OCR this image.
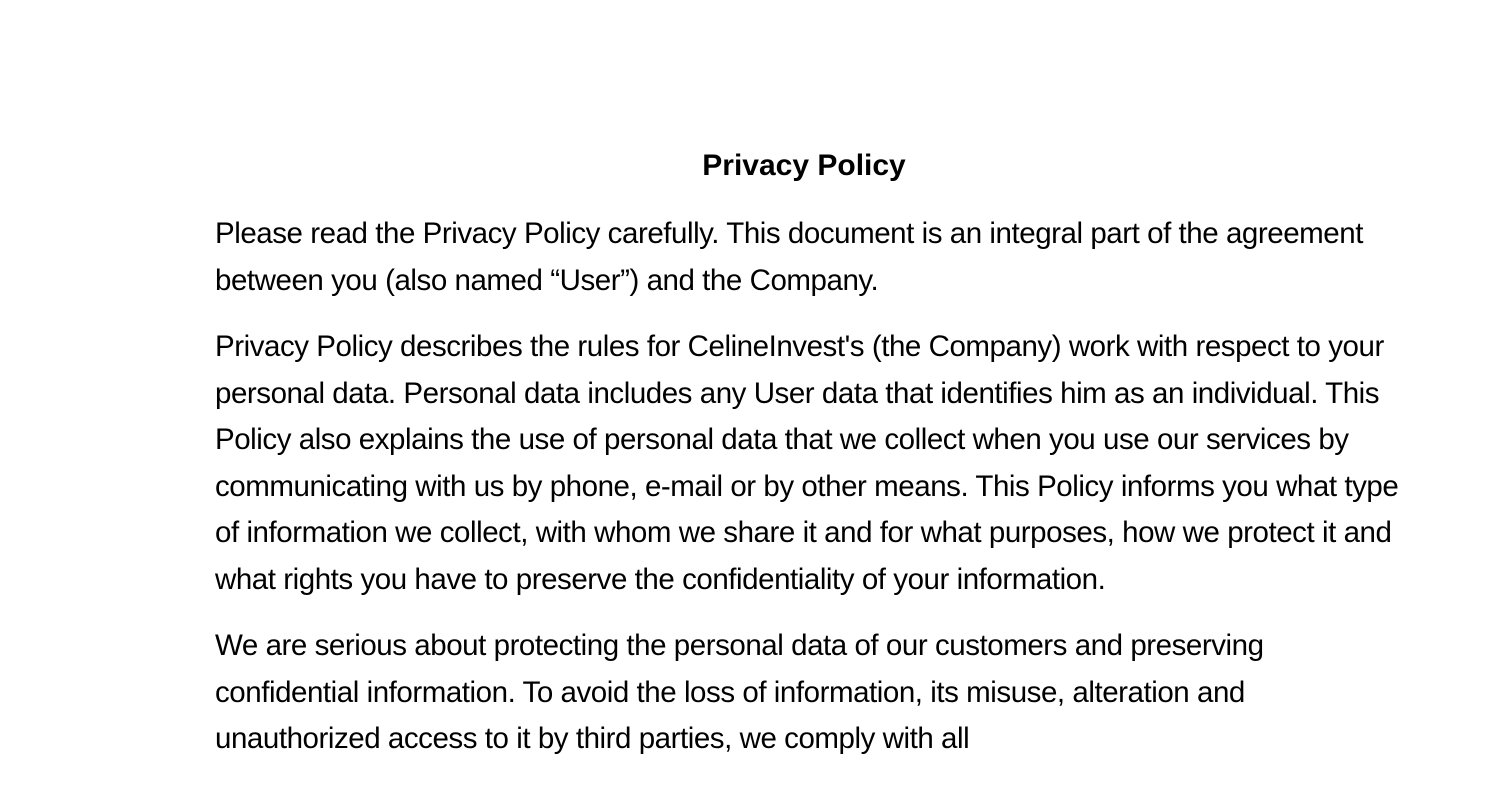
Privacy Policy

Please read the Privacy Policy carefully. This document is an integral part of the agreement between you (also named “User”) and the Company.

Privacy Policy describes the rules for CelineInvest's (the Company) work with respect to your personal data. Personal data includes any User data that identifies him as an individual. This Policy also explains the use of personal data that we collect when you use our services by communicating with us by phone, e-mail or by other means. This Policy informs you what type of information we collect, with whom we share it and for what purposes, how we protect it and what rights you have to preserve the confidentiality of your information.

We are serious about protecting the personal data of our customers and preserving confidential information. To avoid the loss of information, its misuse, alteration and unauthorized access to it by third parties, we comply with all
